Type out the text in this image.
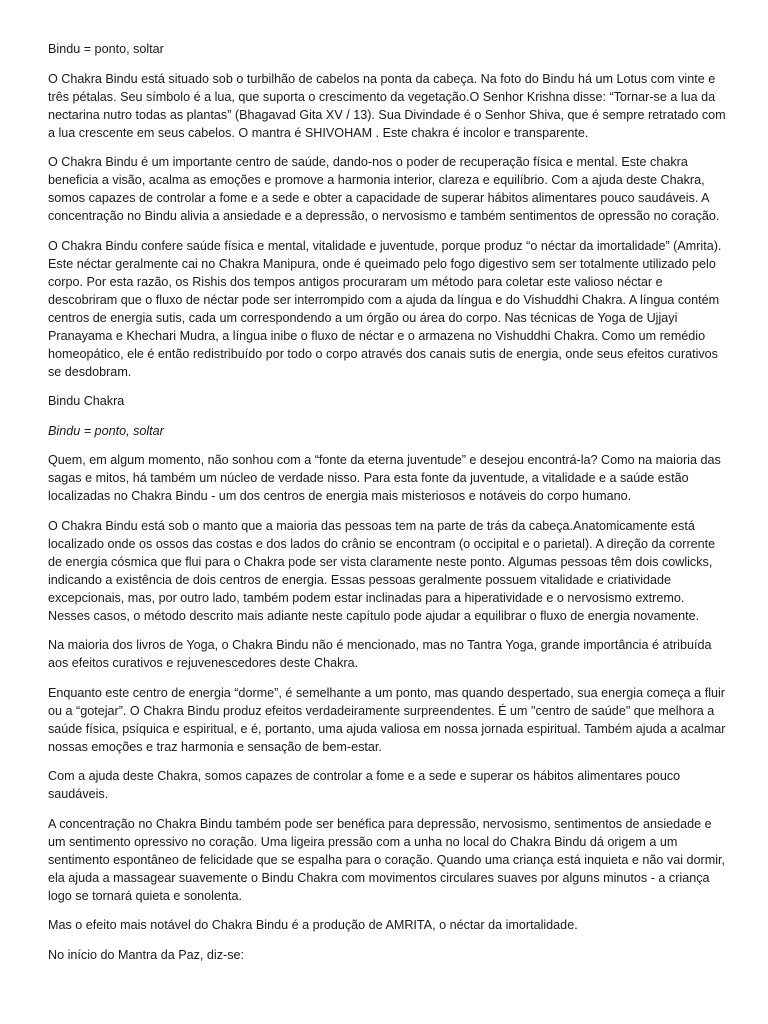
Bindu = ponto, soltar

O Chakra Bindu está situado sob o turbilhão de cabelos na ponta da cabeça. Na foto do Bindu há um Lotus com vinte e três pétalas. Seu símbolo é a lua, que suporta o crescimento da vegetação.O Senhor Krishna disse: “Tornar-se a lua da nectarina nutro todas as plantas” (Bhagavad Gita XV / 13). Sua Divindade é o Senhor Shiva, que é sempre retratado com a lua crescente em seus cabelos. O mantra é SHIVOHAM . Este chakra é incolor e transparente.

O Chakra Bindu é um importante centro de saúde, dando-nos o poder de recuperação física e mental. Este chakra beneficia a visão, acalma as emoções e promove a harmonia interior, clareza e equilíbrio. Com a ajuda deste Chakra, somos capazes de controlar a fome e a sede e obter a capacidade de superar hábitos alimentares pouco saudáveis. A concentração no Bindu alivia a ansiedade e a depressão, o nervosismo e também sentimentos de opressão no coração.

O Chakra Bindu confere saúde física e mental, vitalidade e juventude, porque produz “o néctar da imortalidade” (Amrita). Este néctar geralmente cai no Chakra Manipura, onde é queimado pelo fogo digestivo sem ser totalmente utilizado pelo corpo. Por esta razão, os Rishis dos tempos antigos procuraram um método para coletar este valioso néctar e descobriram que o fluxo de néctar pode ser interrompido com a ajuda da língua e do Vishuddhi Chakra. A língua contém centros de energia sutis, cada um correspondendo a um órgão ou área do corpo. Nas técnicas de Yoga de Ujjayi Pranayama e Khechari Mudra, a língua inibe o fluxo de néctar e o armazena no Vishuddhi Chakra. Como um remédio homeopático, ele é então redistribuído por todo o corpo através dos canais sutis de energia, onde seus efeitos curativos se desdobram.

Bindu Chakra

Bindu = ponto, soltar

Quem, em algum momento, não sonhou com a “fonte da eterna juventude” e desejou encontrá-la? Como na maioria das sagas e mitos, há também um núcleo de verdade nisso. Para esta fonte da juventude, a vitalidade e a saúde estão localizadas no Chakra Bindu - um dos centros de energia mais misteriosos e notáveis do corpo humano.

O Chakra Bindu está sob o manto que a maioria das pessoas tem na parte de trás da cabeça.Anatomicamente está localizado onde os ossos das costas e dos lados do crânio se encontram (o occipital e o parietal). A direção da corrente de energia cósmica que flui para o Chakra pode ser vista claramente neste ponto. Algumas pessoas têm dois cowlicks, indicando a existência de dois centros de energia. Essas pessoas geralmente possuem vitalidade e criatividade excepcionais, mas, por outro lado, também podem estar inclinadas para a hiperatividade e o nervosismo extremo. Nesses casos, o método descrito mais adiante neste capítulo pode ajudar a equilibrar o fluxo de energia novamente.

Na maioria dos livros de Yoga, o Chakra Bindu não é mencionado, mas no Tantra Yoga, grande importância é atribuída aos efeitos curativos e rejuvenescedores deste Chakra.

Enquanto este centro de energia “dorme”, é semelhante a um ponto, mas quando despertado, sua energia começa a fluir ou a “gotejar”. O Chakra Bindu produz efeitos verdadeiramente surpreendentes. É um "centro de saúde" que melhora a saúde física, psíquica e espiritual, e é, portanto, uma ajuda valiosa em nossa jornada espiritual. Também ajuda a acalmar nossas emoções e traz harmonia e sensação de bem-estar.

Com a ajuda deste Chakra, somos capazes de controlar a fome e a sede e superar os hábitos alimentares pouco saudáveis.

A concentração no Chakra Bindu também pode ser benéfica para depressão, nervosismo, sentimentos de ansiedade e um sentimento opressivo no coração. Uma ligeira pressão com a unha no local do Chakra Bindu dá origem a um sentimento espontâneo de felicidade que se espalha para o coração. Quando uma criança está inquieta e não vai dormir, ela ajuda a massagear suavemente o Bindu Chakra com movimentos circulares suaves por alguns minutos - a criança logo se tornará quieta e sonolenta.

Mas o efeito mais notável do Chakra Bindu é a produção de AMRITA, o néctar da imortalidade.

No início do Mantra da Paz, diz-se:
